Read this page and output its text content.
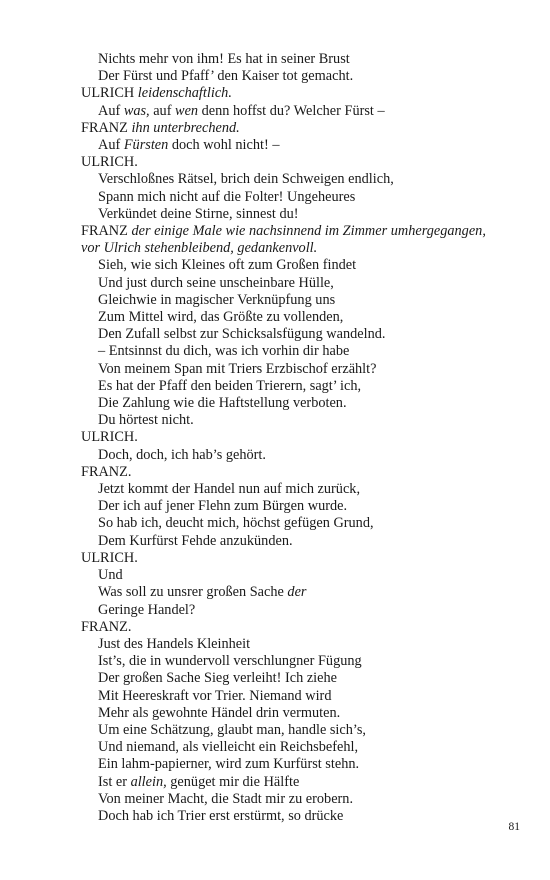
Nichts mehr von ihm! Es hat in seiner Brust
Der Fürst und Pfaff’ den Kaiser tot gemacht.
ULRICH leidenschaftlich.
Auf was, auf wen denn hoffst du? Welcher Fürst –
FRANZ ihn unterbrechend.
Auf Fürsten doch wohl nicht! –
ULRICH.
Verschloßnes Rätsel, brich dein Schweigen endlich,
Spann mich nicht auf die Folter! Ungeheures
Verkündet deine Stirne, sinnest du!
FRANZ der einige Male wie nachsinnend im Zimmer umhergegangen,
vor Ulrich stehenbleibend, gedankenvoll.
Sieh, wie sich Kleines oft zum Großen findet
Und just durch seine unscheinbare Hülle,
Gleichwie in magischer Verknüpfung uns
Zum Mittel wird, das Größte zu vollenden,
Den Zufall selbst zur Schicksalsfügung wandelnd.
– Entsinnst du dich, was ich vorhin dir habe
Von meinem Span mit Triers Erzbischof erzählt?
Es hat der Pfaff den beiden Trierern, sagt’ ich,
Die Zahlung wie die Haftstellung verboten.
Du hörtest nicht.
ULRICH.
Doch, doch, ich hab’s gehört.
FRANZ.
Jetzt kommt der Handel nun auf mich zurück,
Der ich auf jener Flehn zum Bürgen wurde.
So hab ich, deucht mich, höchst gefügen Grund,
Dem Kurfürst Fehde anzukünden.
ULRICH.
Und
Was soll zu unsrer großen Sache der
Geringe Handel?
FRANZ.
Just des Handels Kleinheit
Ist’s, die in wundervoll verschlungner Fügung
Der großen Sache Sieg verleiht! Ich ziehe
Mit Heereskraft vor Trier. Niemand wird
Mehr als gewohnte Händel drin vermuten.
Um eine Schätzung, glaubt man, handle sich’s,
Und niemand, als vielleicht ein Reichsbefehl,
Ein lahm-papierner, wird zum Kurfürst stehn.
Ist er allein, genüget mir die Hälfte
Von meiner Macht, die Stadt mir zu erobern.
Doch hab ich Trier erst erstürmt, so drücke
81
